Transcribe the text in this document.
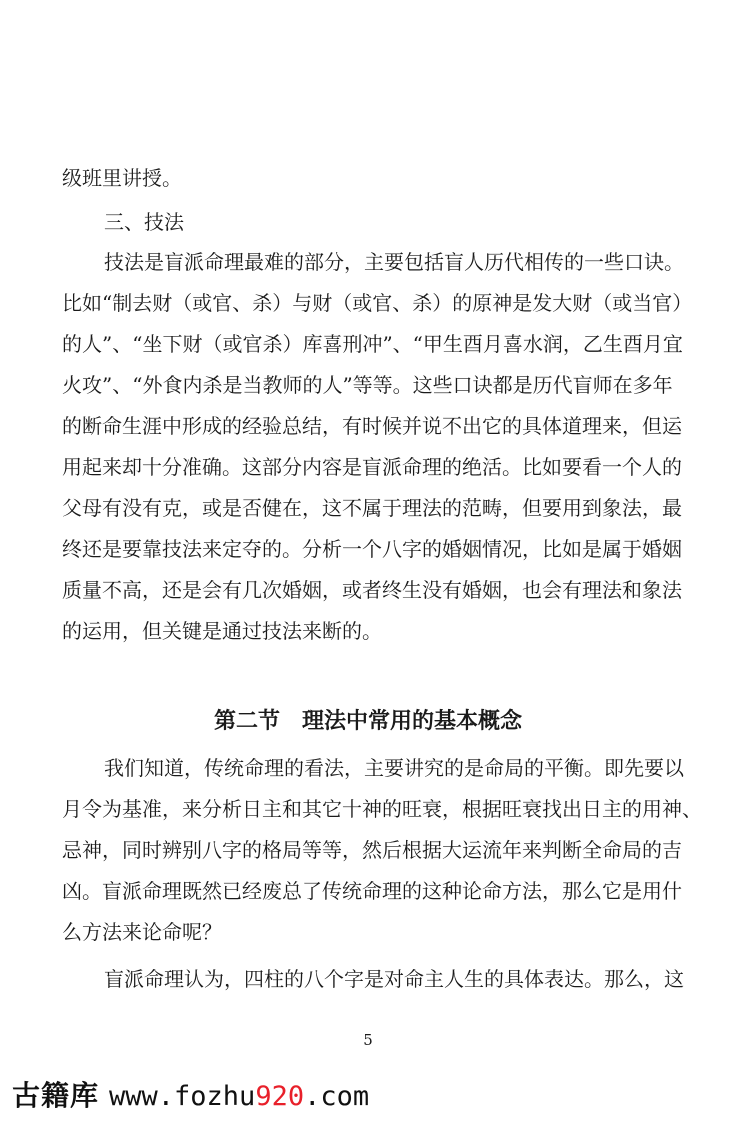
级班里讲授。
三、技法
技法是盲派命理最难的部分，主要包括盲人历代相传的一些口诀。
比如“制去财（或官、杀）与财（或官、杀）的原神是发大财（或当官）
的人”、“坐下财（或官杀）库喜刑冲”、“甲生酉月喜水润，乙生酉月宜
火攻”、“外食内杀是当教师的人”等等。这些口诀都是历代盲师在多年
的断命生涯中形成的经验总结，有时候并说不出它的具体道理来，但运
用起来却十分准确。这部分内容是盲派命理的绝活。比如要看一个人的
父母有没有克，或是否健在，这不属于理法的范畴，但要用到象法，最
终还是要靠技法来定夺的。分析一个八字的婚姻情况，比如是属于婚姻
质量不高，还是会有几次婚姻，或者终生没有婚姻，也会有理法和象法
的运用，但关键是通过技法来断的。
第二节 理法中常用的基本概念
我们知道，传统命理的看法，主要讲究的是命局的平衡。即先要以
月令为基准，来分析日主和其它十神的旺衰，根据旺衰找出日主的用神、
忌神，同时辨别八字的格局等等，然后根据大运流年来判断全命局的吉
凶。盲派命理既然已经废总了传统命理的这种论命方法，那么它是用什
么方法来论命呢？
盲派命理认为，四柱的八个字是对命主人生的具体表达。那么，这
5
古籍库 www.fozhu920.com
